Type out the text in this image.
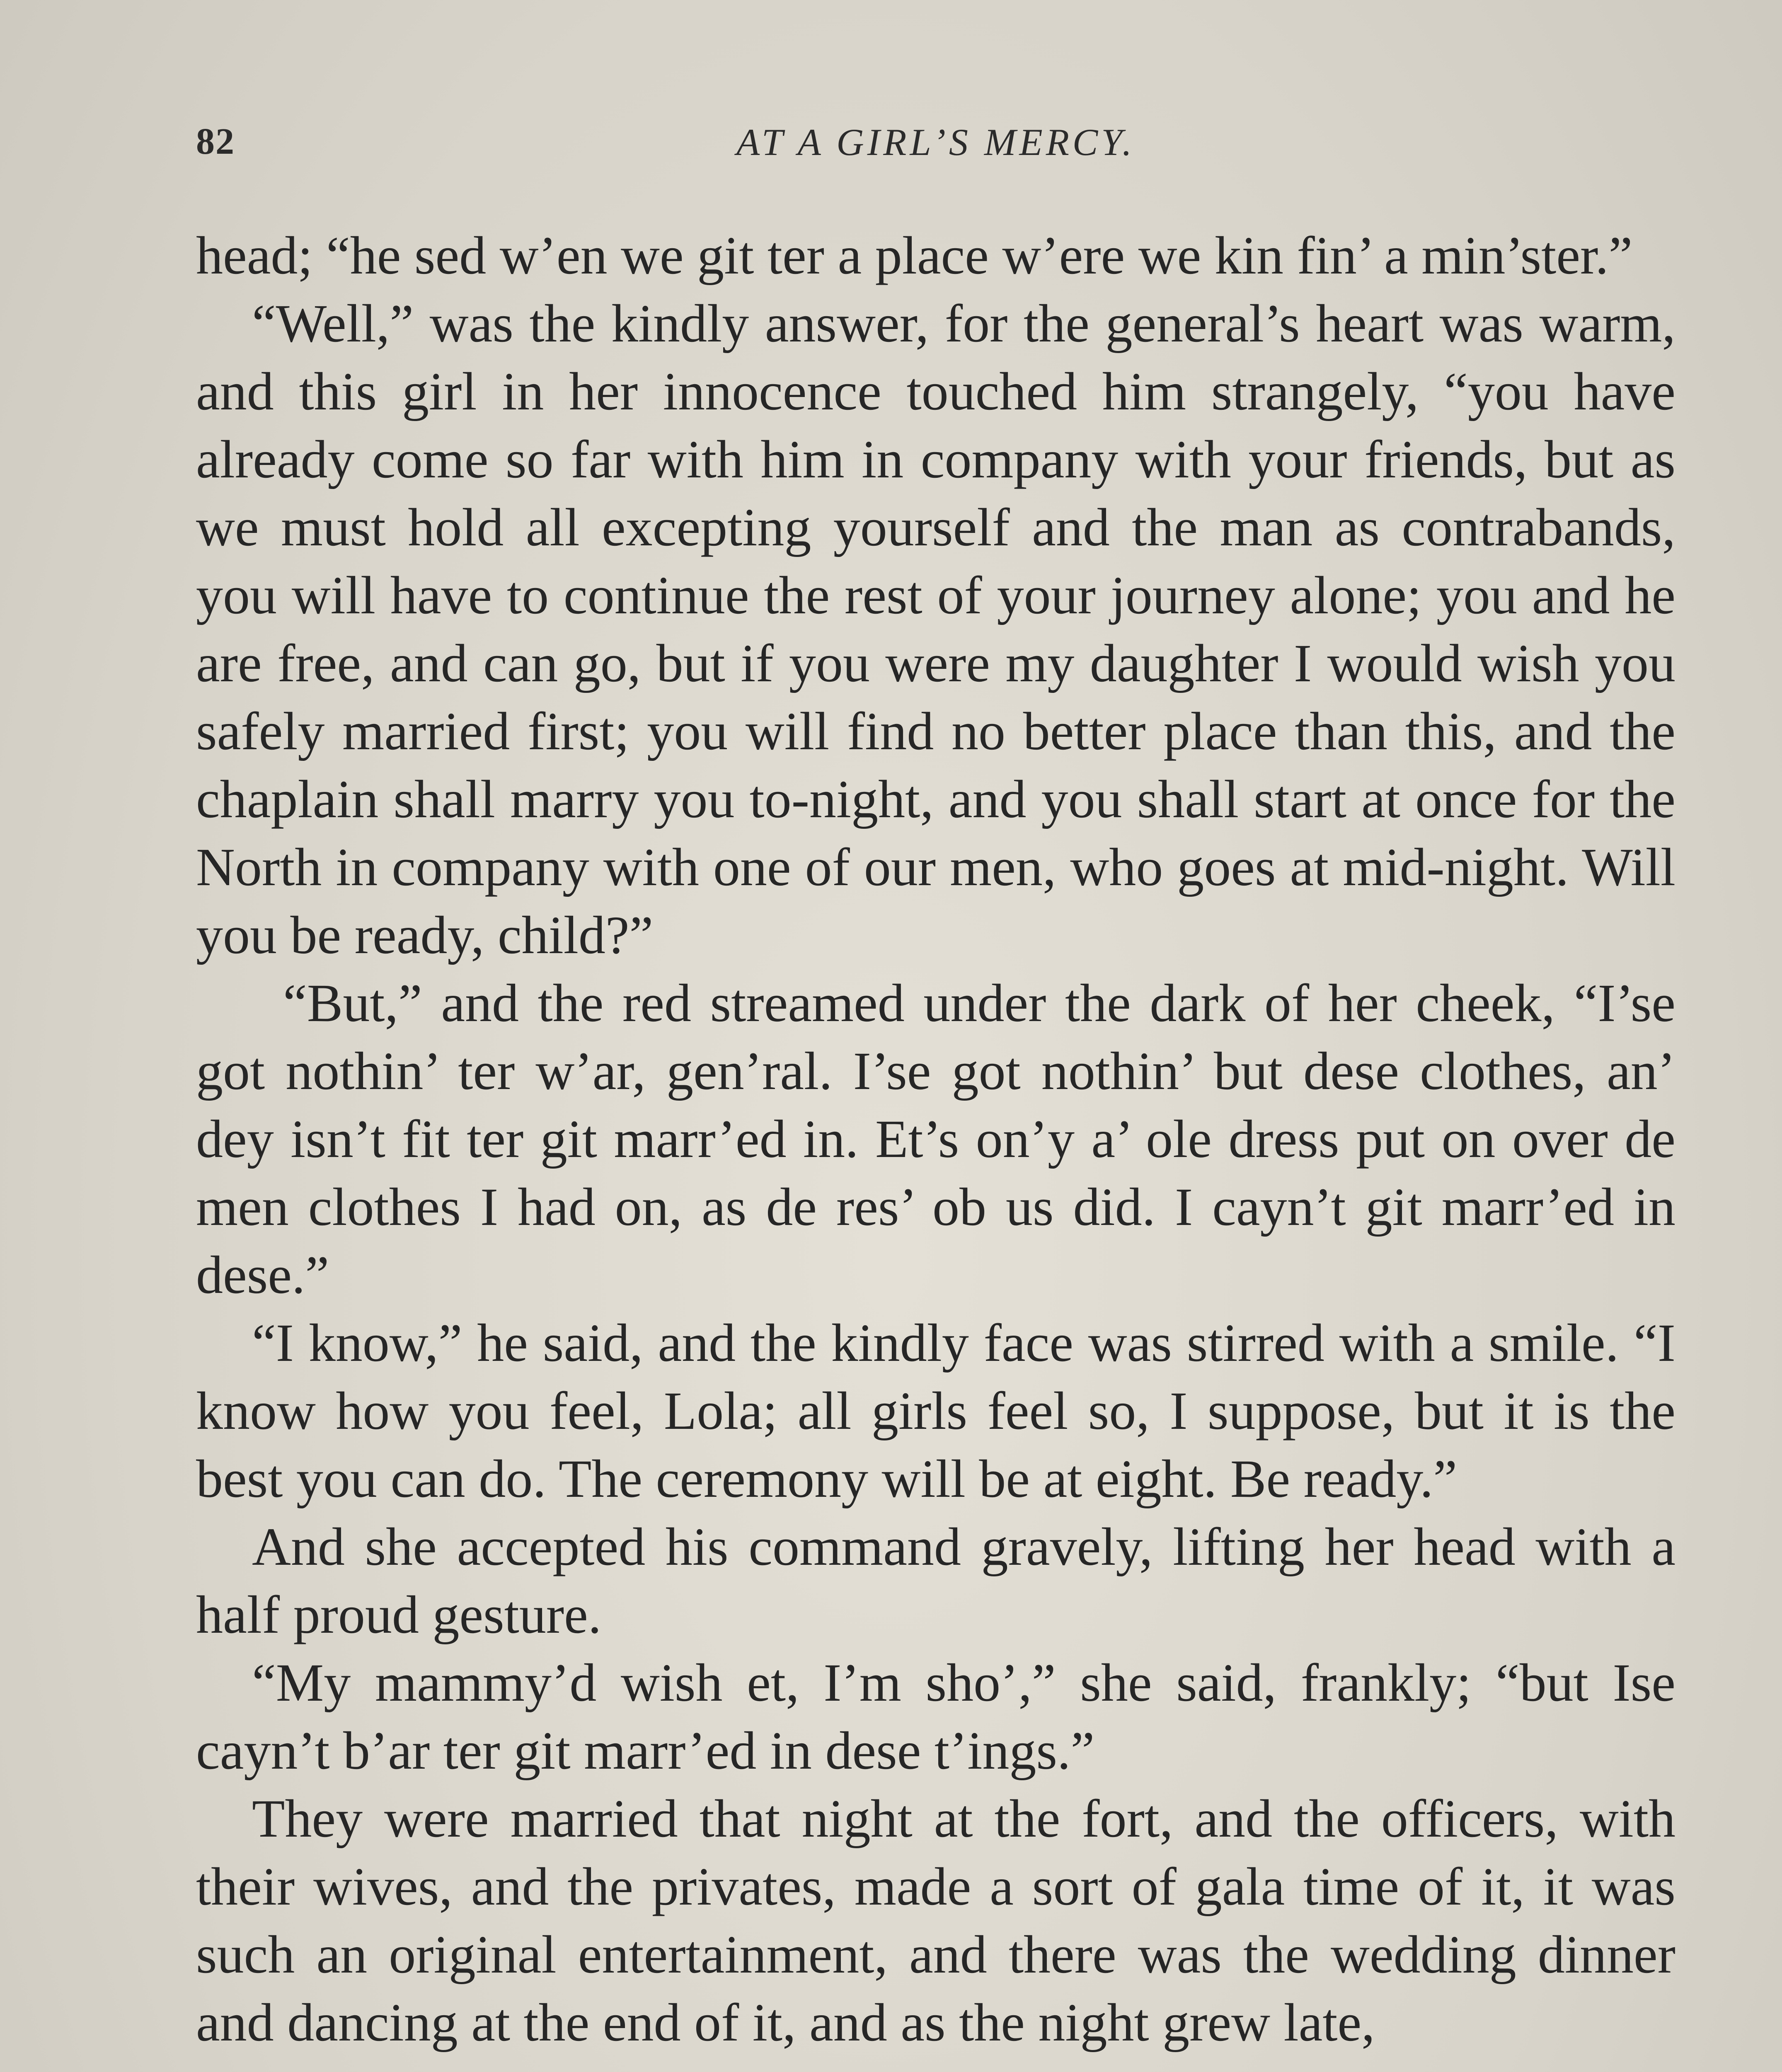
82	AT A GIRL’S MERCY.

head; “he sed w’en we git ter a place w’ere we kin fin’ a min’ster.”

“Well,” was the kindly answer, for the general’s heart was warm, and this girl in her innocence touched him strangely, “you have already come so far with him in company with your friends, but as we must hold all excepting yourself and the man as contrabands, you will have to continue the rest of your journey alone; you and he are free, and can go, but if you were my daughter I would wish you safely married first; you will find no better place than this, and the chaplain shall marry you to-night, and you shall start at once for the North in company with one of our men, who goes at mid-night. Will you be ready, child?”

“But,” and the red streamed under the dark of her cheek, “I’se got nothin’ ter w’ar, gen’ral. I’se got nothin’ but dese clothes, an’ dey isn’t fit ter git marr’ed in. Et’s on’y a’ ole dress put on over de men clothes I had on, as de res’ ob us did. I cayn’t git marr’ed in dese.”

“I know,” he said, and the kindly face was stirred with a smile. “I know how you feel, Lola; all girls feel so, I suppose, but it is the best you can do. The ceremony will be at eight. Be ready.”

And she accepted his command gravely, lifting her head with a half proud gesture.

“My mammy’d wish et, I’m sho’,” she said, frankly; “but Ise cayn’t b’ar ter git marr’ed in dese t’ings.”

They were married that night at the fort, and the officers, with their wives, and the privates, made a sort of gala time of it, it was such an original entertainment, and there was the wedding dinner and dancing at the end of it, and as the night grew late,
